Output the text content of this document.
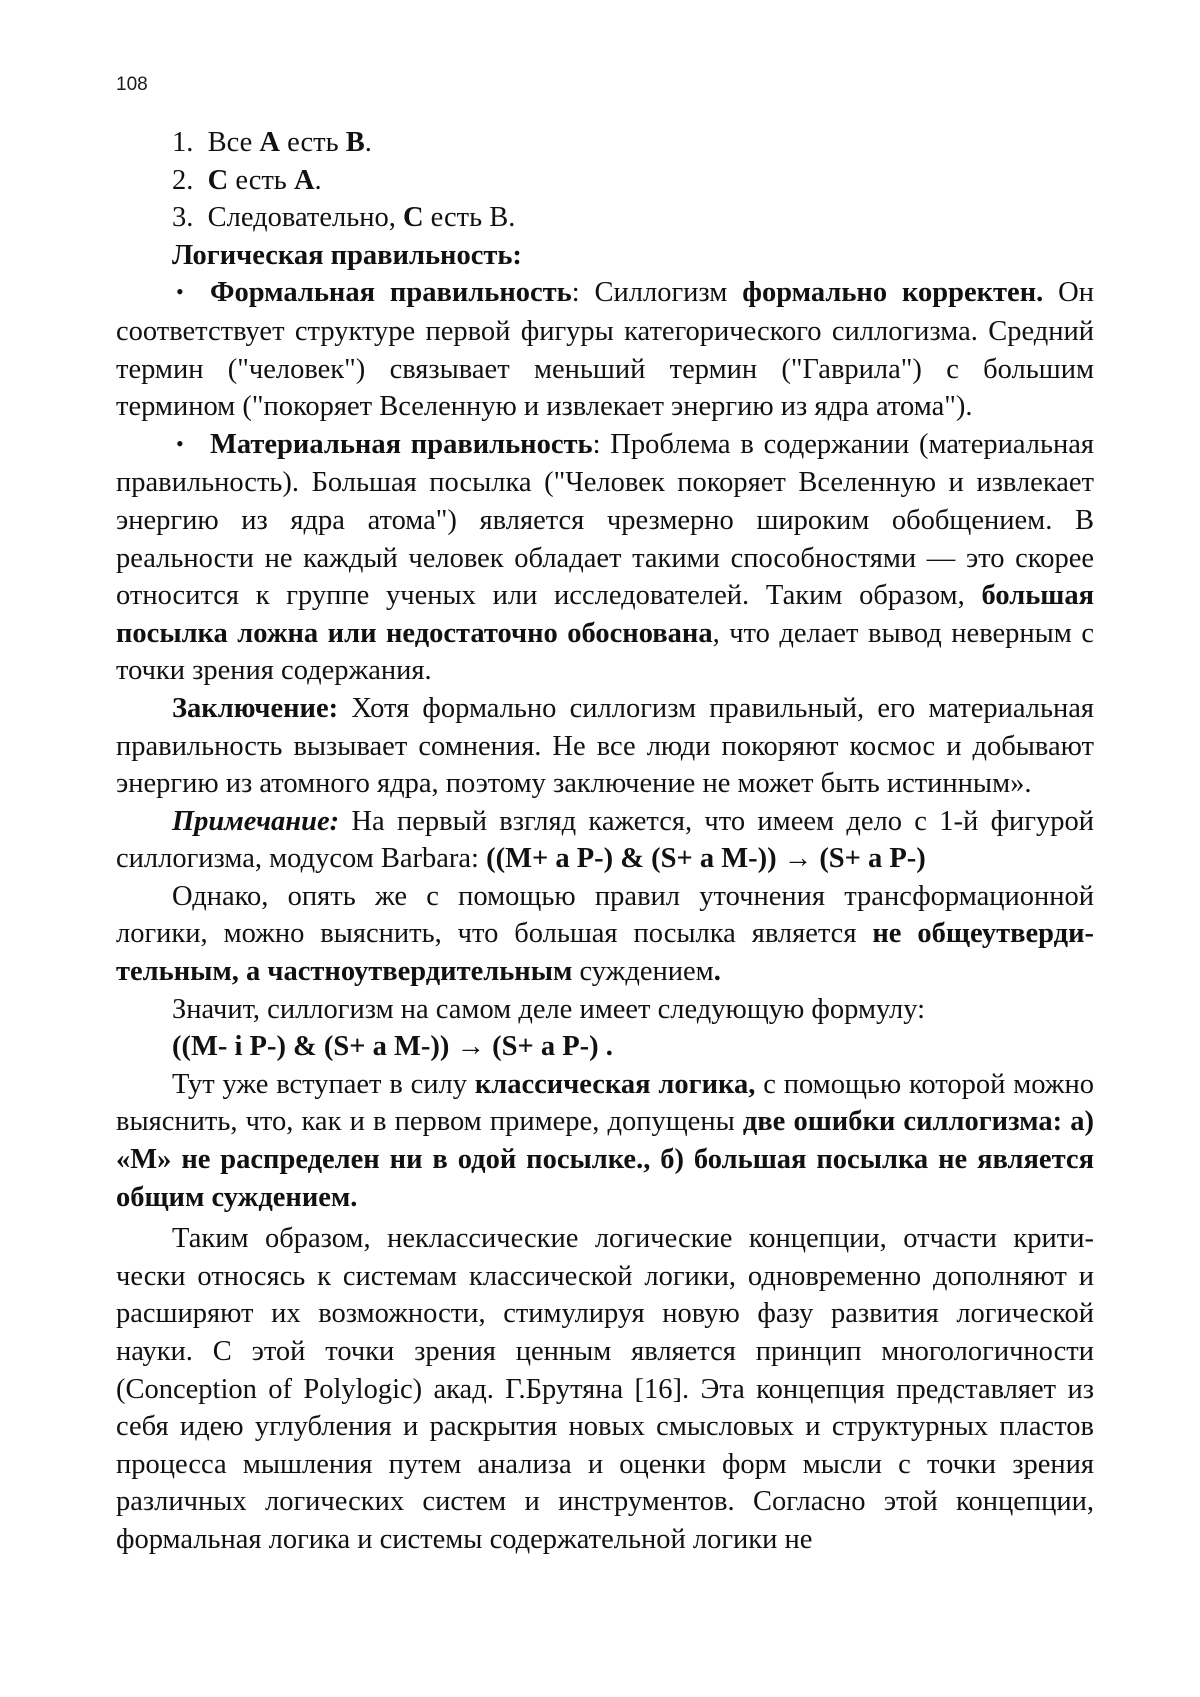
108

1. Все А есть В.

2. С есть А.

3. Следовательно, С есть В.

Логическая правильность:

•Формальная правильность: Силлогизм формально корректен. Он соответствует структуре первой фигуры категорического силлогизма. Средний термин ("человек") связывает меньший термин ("Гаврила") с большим термином ("покоряет Вселенную и извлекает энергию из ядра атома").

•Материальная правильность: Проблема в содержании (материальная правильность). Большая посылка ("Человек покоряет Вселенную и извлекает энергию из ядра атома") является чрезмерно широким обобщением. В реальности не каждый человек обладает такими способностями — это скорее относится к группе ученых или исследователей. Таким образом, большая посылка ложна или недостаточно обоснована, что делает вывод неверным с точки зрения содержания.

Заключение: Хотя формально силлогизм правильный, его материальная правильность вызывает сомнения. Не все люди покоряют космос и добывают энергию из атомного ядра, поэтому заключение не может быть истинным».

Примечание: На первый взгляд кажется, что имеем дело с 1-й фигурой силлогизма, модусом Barbara: ((M+ a P-) & (S+ a M-)) → (S+ a P-)

Однако, опять же с помощью правил уточнения трансформационной логики, можно выяснить, что большая посылка является не общеутвердительным, а частноутвердительным суждением.

Значит, силлогизм на самом деле имеет следующую формулу:

((M- i P-) & (S+ a M-)) → (S+ a P-) .

Тут уже вступает в силу классическая логика, с помощью которой можно выяснить, что, как и в первом примере, допущены две ошибки силлогизма: а) «М» не распределен ни в одой посылке., б) большая посылка не является общим суждением.

Таким образом, неклассические логические концепции, отчасти критически относясь к системам классической логики, одновременно дополняют и расширяют их возможности, стимулируя новую фазу развития логической науки. С этой точки зрения ценным является принцип многологичности (Conception of Polylogic) акад. Г.Брутяна [16]. Эта концепция представляет из себя идею углубления и раскрытия новых смысловых и структурных пластов процесса мышления путем анализа и оценки форм мысли с точки зрения различных логических систем и инструментов. Согласно этой концепции, формальная логика и системы содержательной логики не
